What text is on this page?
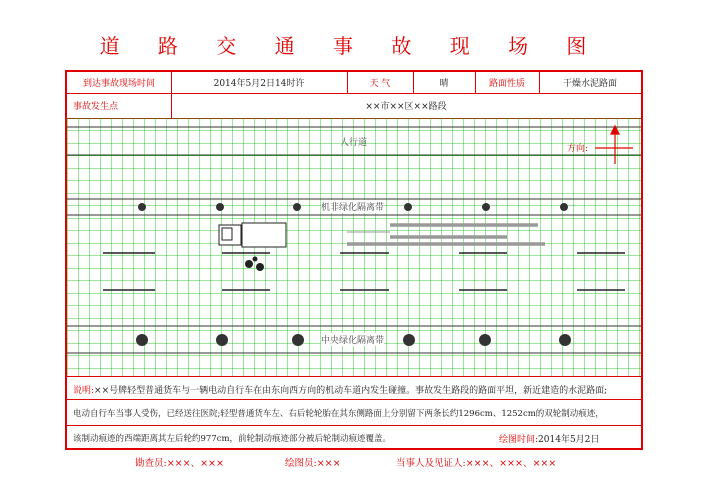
道 路 交 通 事 故 现 场 图
到达事故现场时间	2014年5月2日14时许	天 气	晴	路面性质	干燥水泥路面
事故发生点	××市××区××路段
人行道
方向:
机非绿化隔离带
中央绿化隔离带
说明:××号牌轻型普通货车与一辆电动自行车在由东向西方向的机动车道内发生碰撞。事故发生路段的路面平坦，新近建造的水泥路面;
电动自行车当事人受伤，已经送往医院;轻型普通货车左、右后轮轮胎在其东侧路面上分别留下两条长约1296cm、1252cm的双轮制动痕迹，
该制动痕迹的西端距离其左后轮约977cm，前轮制动痕迹部分被后轮制动痕迹覆盖。	绘图时间:2014年5月2日
勘查员:×××、×××	绘图员:×××	当事人及见证人:×××、×××、×××
